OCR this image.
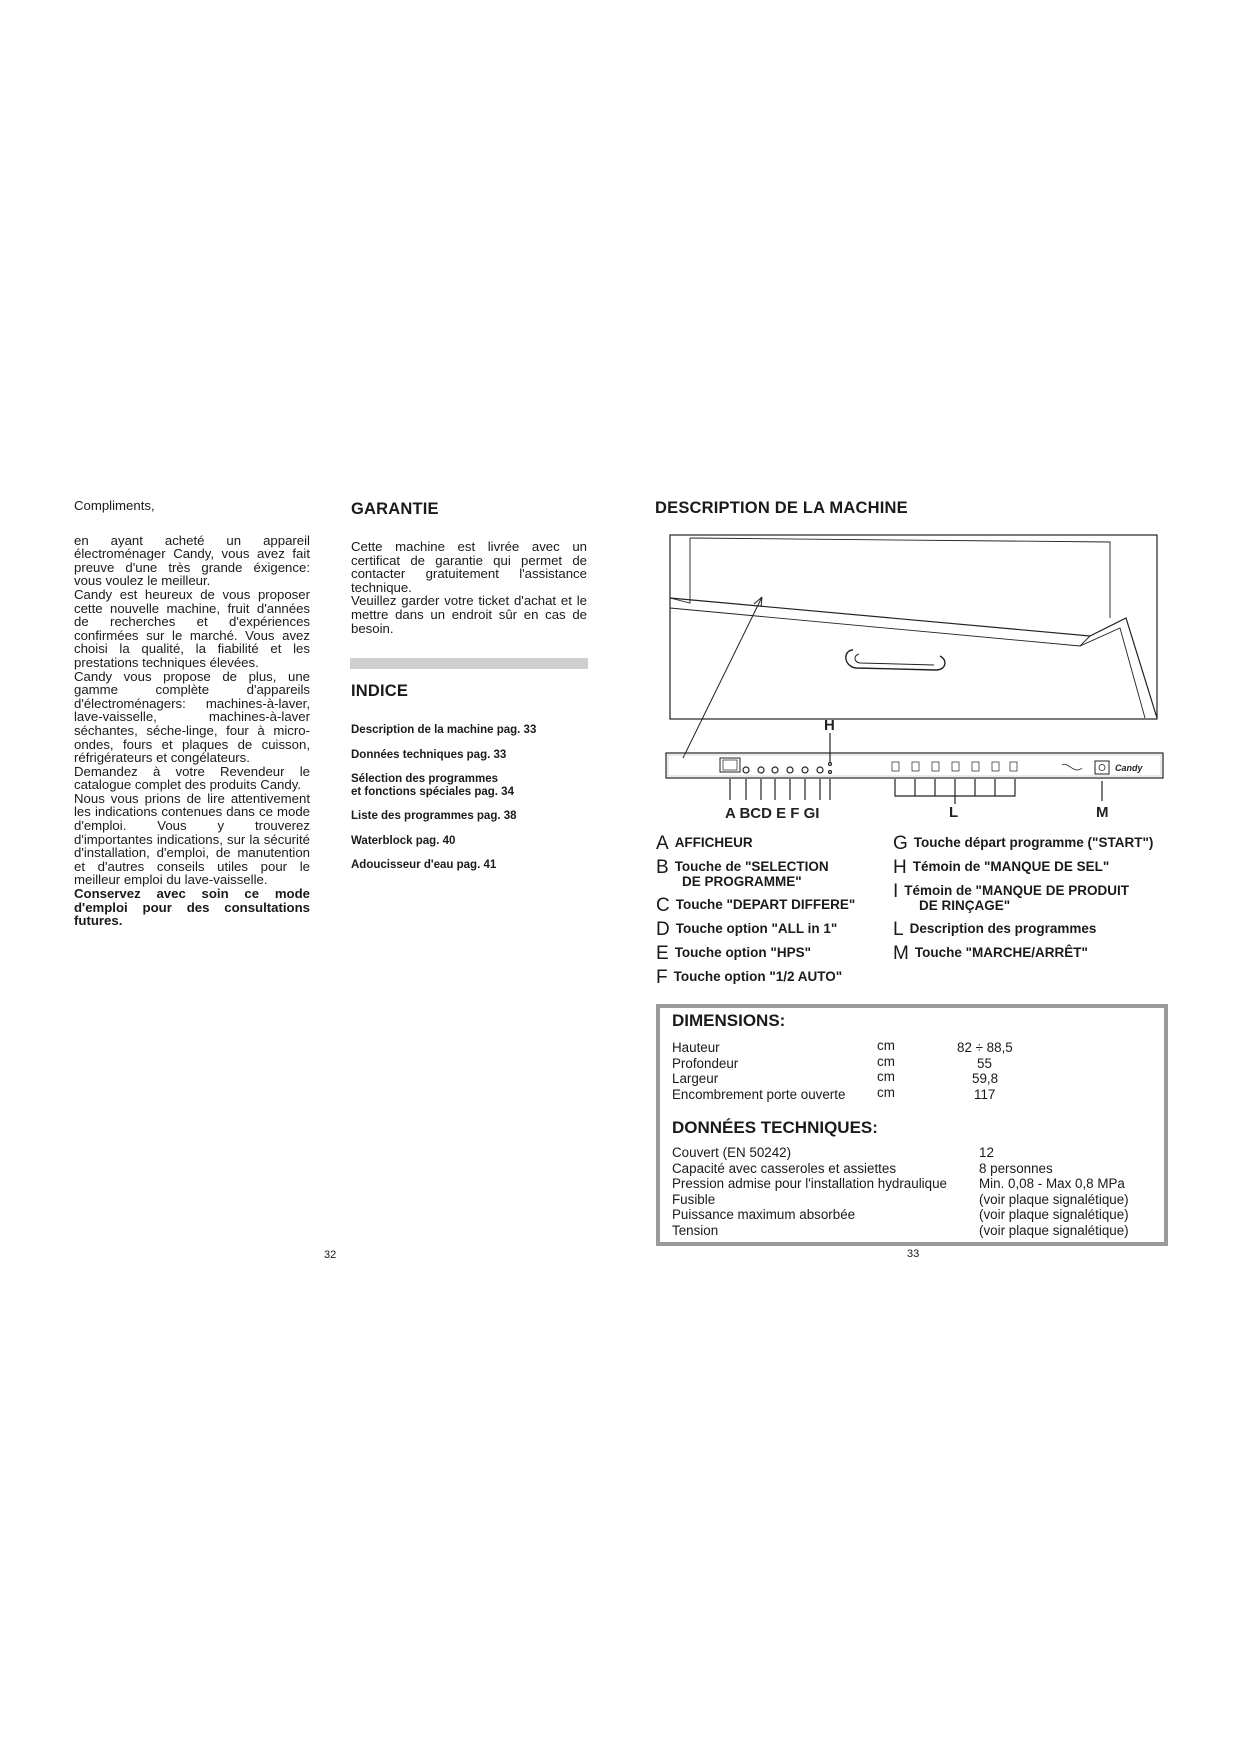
Compliments,

en ayant acheté un appareil électroménager Candy, vous avez fait preuve d'une très grande éxigence: vous voulez le meilleur.

Candy est heureux de vous proposer cette nouvelle machine, fruit d'années de recherches et d'expériences confirmées sur le marché. Vous avez choisi la qualité, la fiabilité et les prestations techniques élevées.

Candy vous propose de plus, une gamme complète d'appareils d'électroménagers: machines-à-laver, lave-vaisselle, machines-à-laver séchantes, séche-linge, four à micro-ondes, fours et plaques de cuisson, réfrigérateurs et congélateurs.

Demandez à votre Revendeur le catalogue complet des produits Candy.

Nous vous prions de lire attentivement les indications contenues dans ce mode d'emploi. Vous y trouverez d'importantes indications, sur la sécurité d'installation, d'emploi, de manutention et d'autres conseils utiles pour le meilleur emploi du lave-vaisselle.

Conservez avec soin ce mode d'emploi pour des consultations futures.

32
GARANTIE

Cette machine est livrée avec un certificat de garantie qui permet de contacter gratuitement l'assistance technique.

Veuillez garder votre ticket d'achat et le mettre dans un endroit sûr en cas de besoin.

INDICE
Description de la machine pag. 33
Données techniques pag. 33
Sélection des programmes
et fonctions spéciales pag. 34
Liste des programmes pag. 38
Waterblock pag. 40
Adoucisseur d'eau pag. 41
DESCRIPTION DE LA MACHINE
Candy
H
A BCD E F GI	L	M
A AFFICHEUR
B Touche de "SELECTION
DE PROGRAMME"
C Touche "DEPART DIFFERE"
D Touche option "ALL in 1"
E Touche option "HPS"
F Touche option "1/2 AUTO"
G Touche départ programme ("START")
H Témoin de "MANQUE DE SEL"
I Témoin de "MANQUE DE PRODUIT
DE RINÇAGE"
L Description des programmes
M Touche "MARCHE/ARRÊT"
DIMENSIONS:
Hauteur	cm	82 ÷ 88,5
Profondeur	cm	55
Largeur	cm	59,8
Encombrement porte ouverte cm	117
DONNÉES TECHNIQUES:
Couvert (EN 50242)	12
Capacité avec casseroles et assiettes	8 personnes
Pression admise pour l'installation hydraulique Min. 0,08 - Max 0,8 MPa
Fusible	(voir plaque signalétique)
Puissance maximum absorbée	(voir plaque signalétique)
Tension	(voir plaque signalétique)
33
